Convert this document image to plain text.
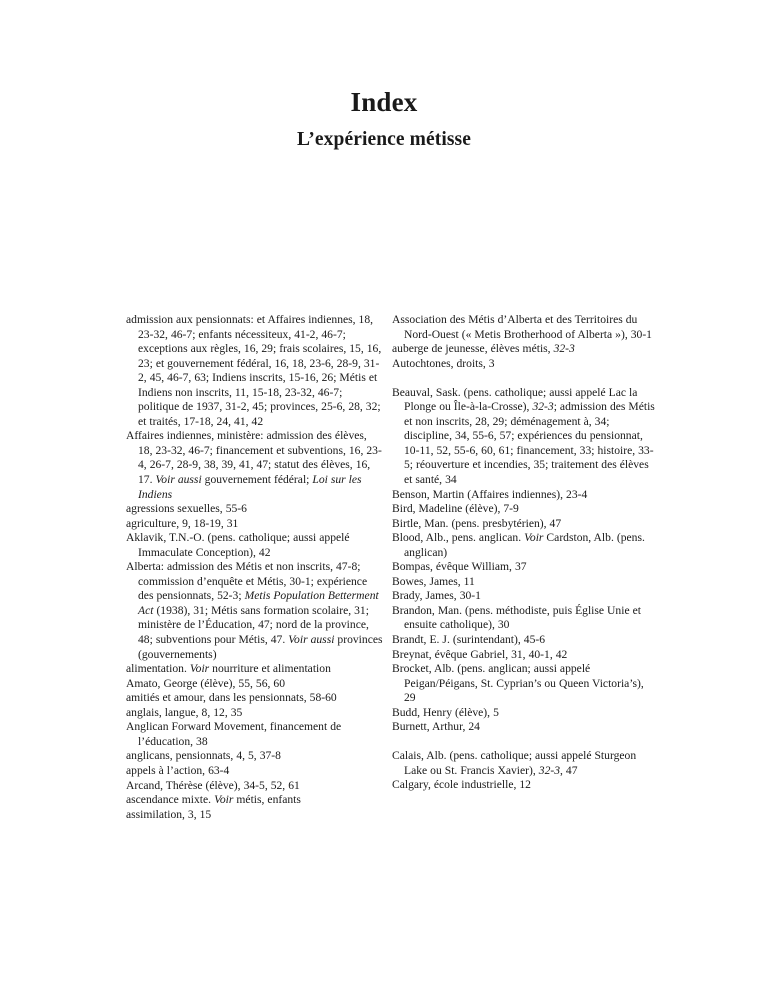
Index
L’expérience métisse

admission aux pensionnats: et Affaires indiennes, 18, 23-32, 46-7; enfants nécessiteux, 41-2, 46-7; exceptions aux règles, 16, 29; frais scolaires, 15, 16, 23; et gouvernement fédéral, 16, 18, 23-6, 28-9, 31-2, 45, 46-7, 63; Indiens inscrits, 15-16, 26; Métis et Indiens non inscrits, 11, 15-18, 23-32, 46-7; politique de 1937, 31-2, 45; provinces, 25-6, 28, 32; et traités, 17-18, 24, 41, 42

Affaires indiennes, ministère: admission des élèves, 18, 23-32, 46-7; financement et subventions, 16, 23-4, 26-7, 28-9, 38, 39, 41, 47; statut des élèves, 16, 17. Voir aussi gouvernement fédéral; Loi sur les Indiens

agressions sexuelles, 55-6

agriculture, 9, 18-19, 31

Aklavik, T.N.-O. (pens. catholique; aussi appelé Immaculate Conception), 42

Alberta: admission des Métis et non inscrits, 47-8; commission d’enquête et Métis, 30-1; expérience des pensionnats, 52-3; Metis Population Betterment Act (1938), 31; Métis sans formation scolaire, 31; ministère de l’Éducation, 47; nord de la province, 48; subventions pour Métis, 47. Voir aussi provinces (gouvernements)

alimentation. Voir nourriture et alimentation

Amato, George (élève), 55, 56, 60

amitiés et amour, dans les pensionnats, 58-60

anglais, langue, 8, 12, 35

Anglican Forward Movement, financement de l’éducation, 38

anglicans, pensionnats, 4, 5, 37-8

appels à l’action, 63-4

Arcand, Thérèse (élève), 34-5, 52, 61

ascendance mixte. Voir métis, enfants

assimilation, 3, 15

Association des Métis d’Alberta et des Territoires du Nord-Ouest (« Metis Brotherhood of Alberta »), 30-1

auberge de jeunesse, élèves métis, 32-3

Autochtones, droits, 3

Beauval, Sask. (pens. catholique; aussi appelé Lac la Plonge ou Île-à-la-Crosse), 32-3; admission des Métis et non inscrits, 28, 29; déménagement à, 34; discipline, 34, 55-6, 57; expériences du pensionnat, 10-11, 52, 55-6, 60, 61; financement, 33; histoire, 33-5; réouverture et incendies, 35; traitement des élèves et santé, 34

Benson, Martin (Affaires indiennes), 23-4

Bird, Madeline (élève), 7-9

Birtle, Man. (pens. presbytérien), 47

Blood, Alb., pens. anglican. Voir Cardston, Alb. (pens. anglican)

Bompas, évêque William, 37

Bowes, James, 11

Brady, James, 30-1

Brandon, Man. (pens. méthodiste, puis Église Unie et ensuite catholique), 30

Brandt, E. J. (surintendant), 45-6

Breynat, évêque Gabriel, 31, 40-1, 42

Brocket, Alb. (pens. anglican; aussi appelé Peigan/Péigans, St. Cyprian’s ou Queen Victoria’s), 29

Budd, Henry (élève), 5

Burnett, Arthur, 24

Calais, Alb. (pens. catholique; aussi appelé Sturgeon Lake ou St. Francis Xavier), 32-3, 47

Calgary, école industrielle, 12
